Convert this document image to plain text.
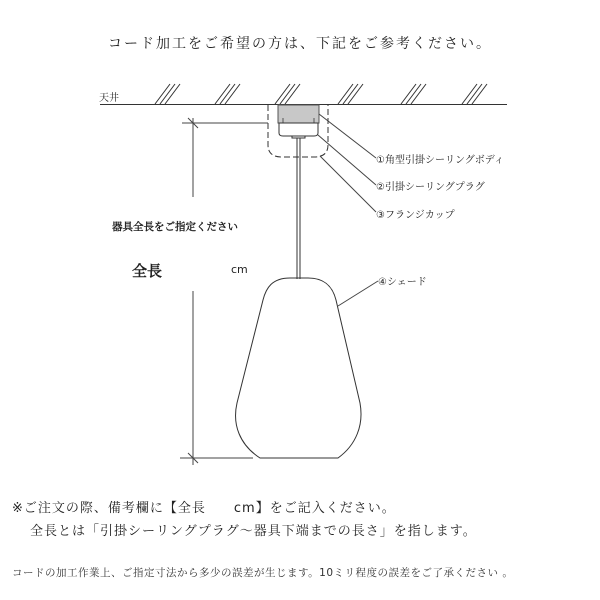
コード加工をご希望の方は、下記をご参考ください。
天井
器具全長をご指定ください
全長	cm
①角型引掛シーリングボディ
②引掛シーリングプラグ
③フランジカップ
④シェード
※ご注文の際、備考欄に【全長　　cm】をご記入ください。
全長とは「引掛シーリングプラグ～器具下端までの長さ」を指します。
コードの加工作業上、ご指定寸法から多少の誤差が生じます。10ミリ程度の誤差をご了承ください 。
